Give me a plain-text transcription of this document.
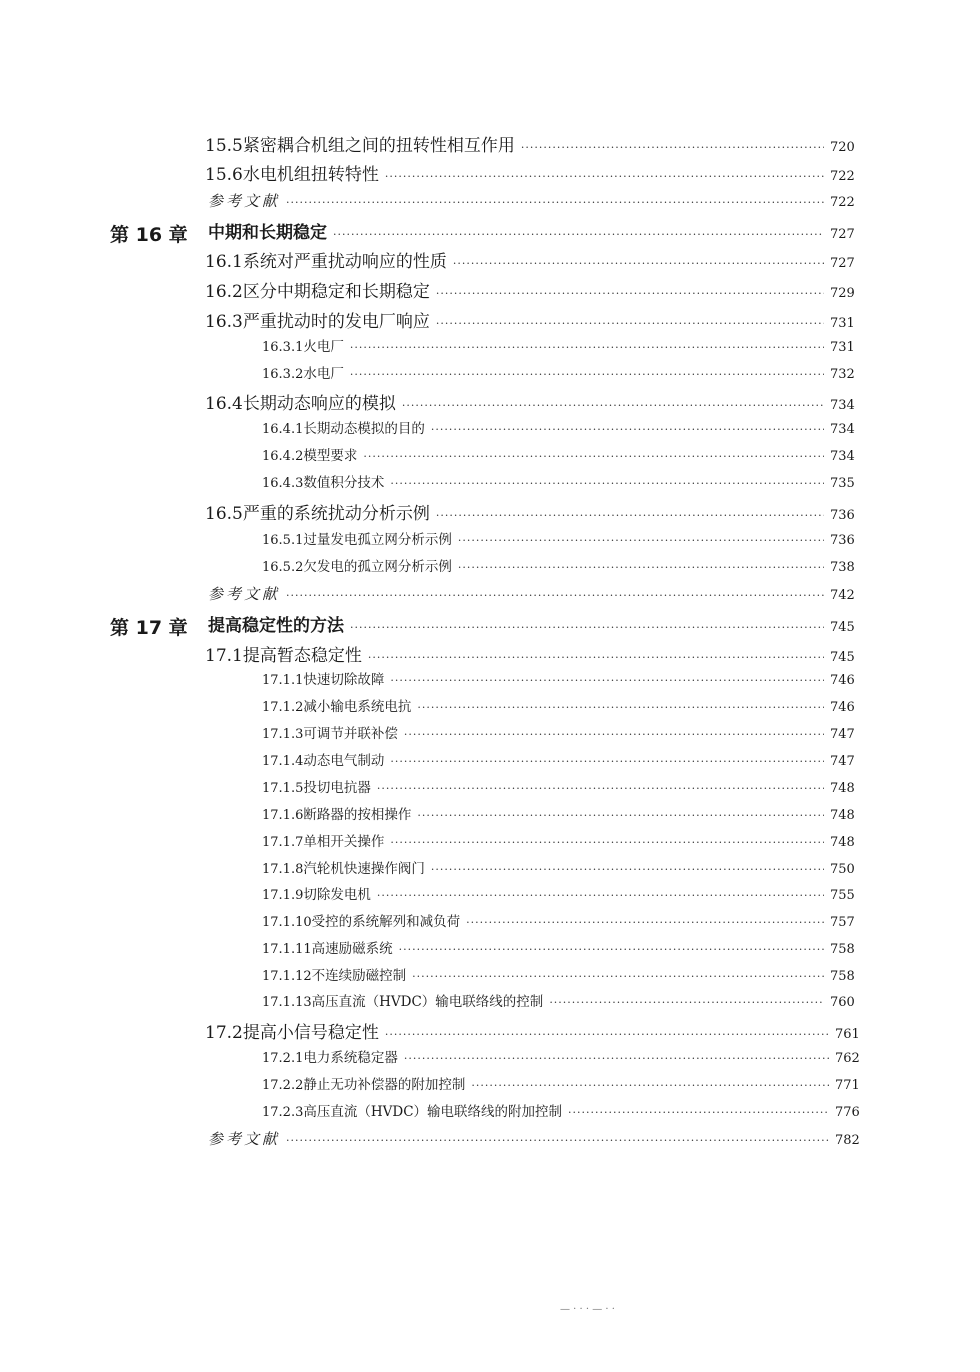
15.5 紧密耦合机组之间的扭转性相互作用 ·····	720
15.6 水电机组扭转特性 ·····	722
参考文献 ·····	722
第 16 章 中期和长期稳定 ·····	727
16.1 系统对严重扰动响应的性质 ·····	727
16.2 区分中期稳定和长期稳定 ·····	729
16.3 严重扰动时的发电厂响应 ·····	731
16.3.1 火电厂 ·····	731
16.3.2 水电厂 ·····	732
16.4 长期动态响应的模拟 ·····	734
16.4.1 长期动态模拟的目的 ·····	734
16.4.2 模型要求 ·····	734
16.4.3 数值积分技术 ·····	735
16.5 严重的系统扰动分析示例 ·····	736
16.5.1 过量发电孤立网分析示例 ·····	736
16.5.2 欠发电的孤立网分析示例 ·····	738
参考文献 ·····	742
第 17 章 提高稳定性的方法 ·····	745
17.1 提高暂态稳定性 ·····	745
17.1.1 快速切除故障 ·····	746
17.1.2 减小输电系统电抗 ·····	746
17.1.3 可调节并联补偿 ·····	747
17.1.4 动态电气制动 ·····	747
17.1.5 投切电抗器 ·····	748
17.1.6 断路器的按相操作 ·····	748
17.1.7 单相开关操作 ·····	748
17.1.8 汽轮机快速操作阀门 ·····	750
17.1.9 切除发电机 ·····	755
17.1.10 受控的系统解列和减负荷 ·····	757
17.1.11 高速励磁系统 ·····	758
17.1.12 不连续励磁控制 ·····	758
17.1.13 高压直流（HVDC）输电联络线的控制 ·····	760
17.2 提高小信号稳定性 ·····	761
17.2.1 电力系统稳定器 ·····	762
17.2.2 静止无功补偿器的附加控制 ·····	771
17.2.3 高压直流（HVDC）输电联络线的附加控制 ·····	776
参考文献 ·····	782
— · · · — · ·
